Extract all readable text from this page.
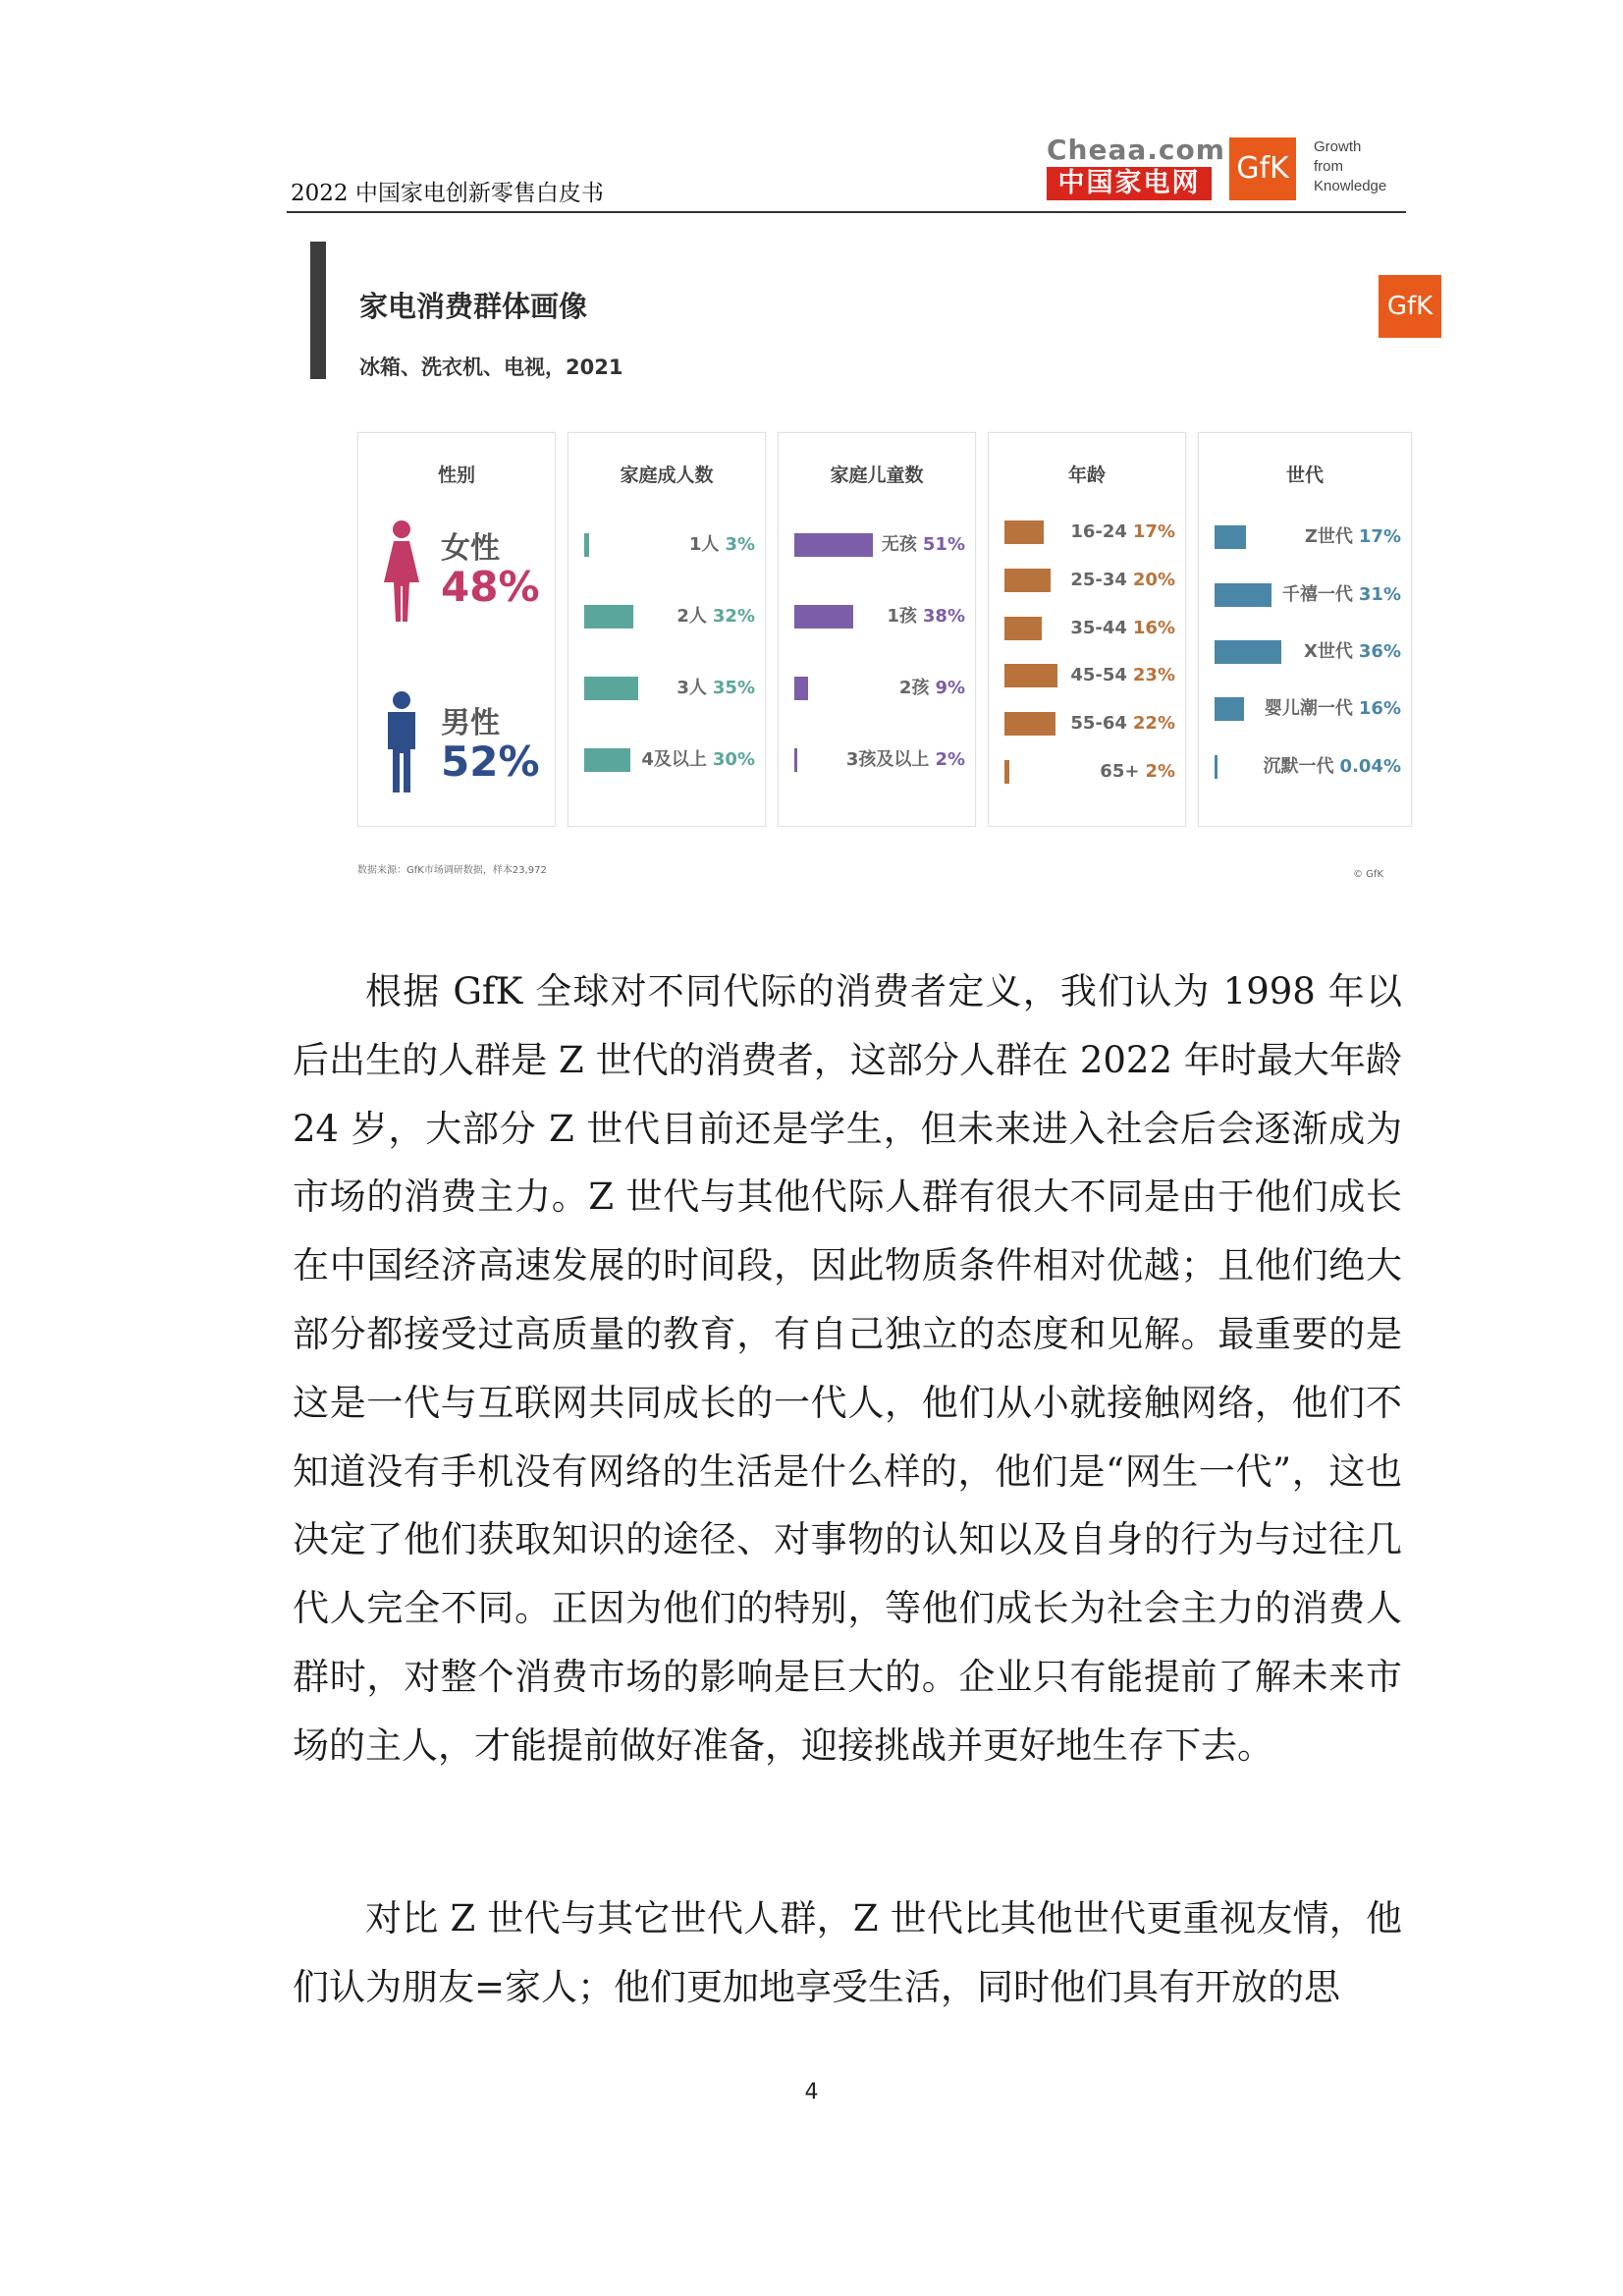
2022 中国家电创新零售白皮书
Cheaa.com
中国家电网	GfK
Growth
from
Knowledge
家电消费群体画像
冰箱、洗衣机、电视，2021
GfK
性别
女性
48%
男性
52%
家庭成人数
1人 3%
2人 32%
3人 35%
4及以上 30%
家庭儿童数
无孩 51%
1孩 38%
2孩 9%
3孩及以上 2%
年龄
16-24 17%
25-34 20%
35-44 16%
45-54 23%
55-64 22%
65+ 2%
世代
Z世代 17%
千禧一代 31%
X世代 36%
婴儿潮一代 16%
沉默一代 0.04%
数据来源：GfK市场调研数据，样本23,972	© GfK

根据 GfK 全球对不同代际的消费者定义，我们认为 1998 年以后出生的人群是 Z 世代的消费者，这部分人群在 2022 年时最大年龄 24 岁，大部分 Z 世代目前还是学生，但未来进入社会后会逐渐成为市场的消费主力。Z 世代与其他代际人群有很大不同是由于他们成长在中国经济高速发展的时间段，因此物质条件相对优越；且他们绝大部分都接受过高质量的教育，有自己独立的态度和见解。最重要的是这是一代与互联网共同成长的一代人，他们从小就接触网络，他们不知道没有手机没有网络的生活是什么样的，他们是“网生一代”，这也决定了他们获取知识的途径、对事物的认知以及自身的行为与过往几代人完全不同。正因为他们的特别，等他们成长为社会主力的消费人群时，对整个消费市场的影响是巨大的。企业只有能提前了解未来市场的主人，才能提前做好准备，迎接挑战并更好地生存下去。

对比 Z 世代与其它世代人群，Z 世代比其他世代更重视友情，他们认为朋友=家人；他们更加地享受生活，同时他们具有开放的思

4
